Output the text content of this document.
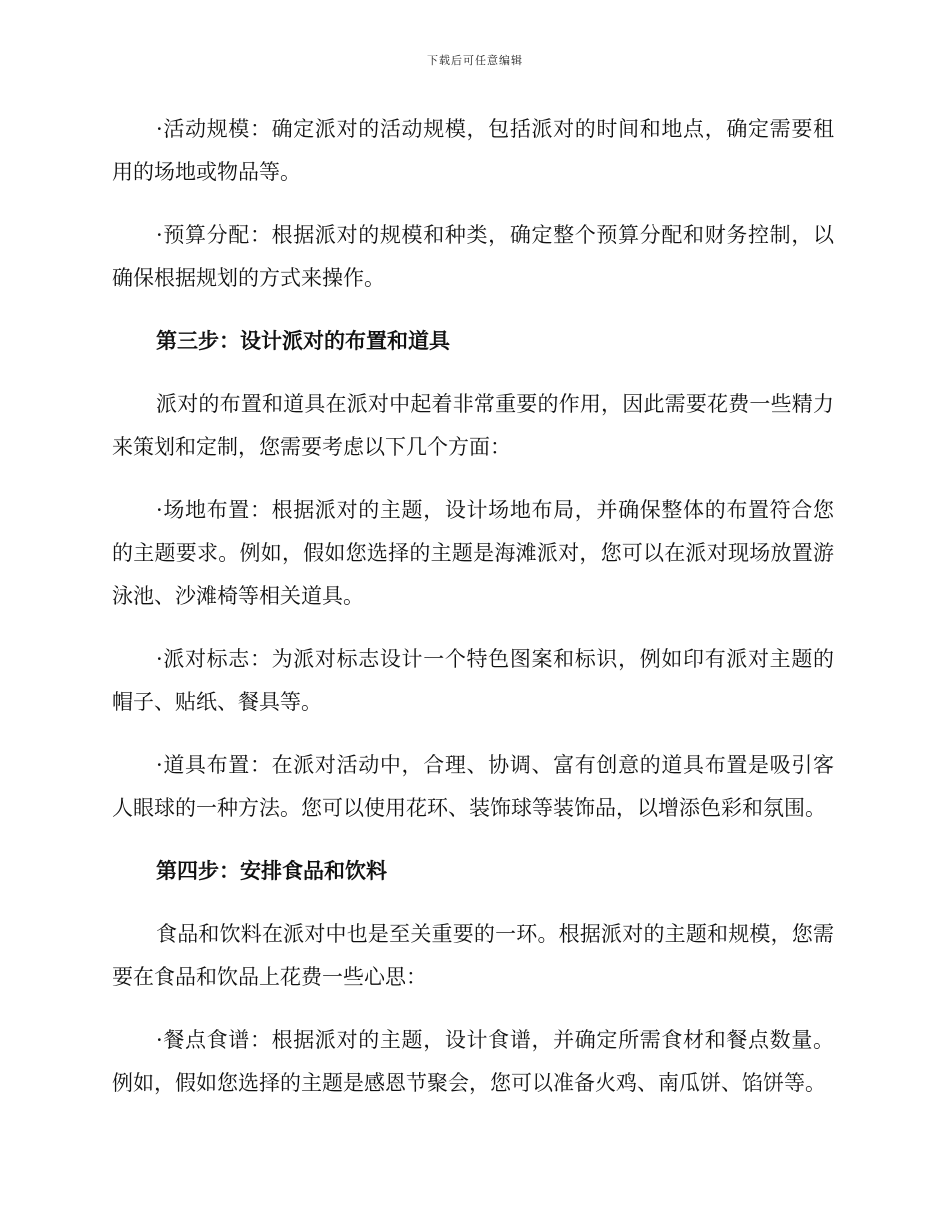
下载后可任意编辑

·活动规模：确定派对的活动规模，包括派对的时间和地点，确定需要租用的场地或物品等。

·预算分配：根据派对的规模和种类，确定整个预算分配和财务控制，以确保根据规划的方式来操作。

第三步：设计派对的布置和道具

派对的布置和道具在派对中起着非常重要的作用，因此需要花费一些精力来策划和定制，您需要考虑以下几个方面：

·场地布置：根据派对的主题，设计场地布局，并确保整体的布置符合您的主题要求。例如，假如您选择的主题是海滩派对，您可以在派对现场放置游泳池、沙滩椅等相关道具。

·派对标志：为派对标志设计一个特色图案和标识，例如印有派对主题的帽子、贴纸、餐具等。

·道具布置：在派对活动中，合理、协调、富有创意的道具布置是吸引客人眼球的一种方法。您可以使用花环、装饰球等装饰品，以增添色彩和氛围。

第四步：安排食品和饮料

食品和饮料在派对中也是至关重要的一环。根据派对的主题和规模，您需要在食品和饮品上花费一些心思：

·餐点食谱：根据派对的主题，设计食谱，并确定所需食材和餐点数量。例如，假如您选择的主题是感恩节聚会，您可以准备火鸡、南瓜饼、馅饼等。
